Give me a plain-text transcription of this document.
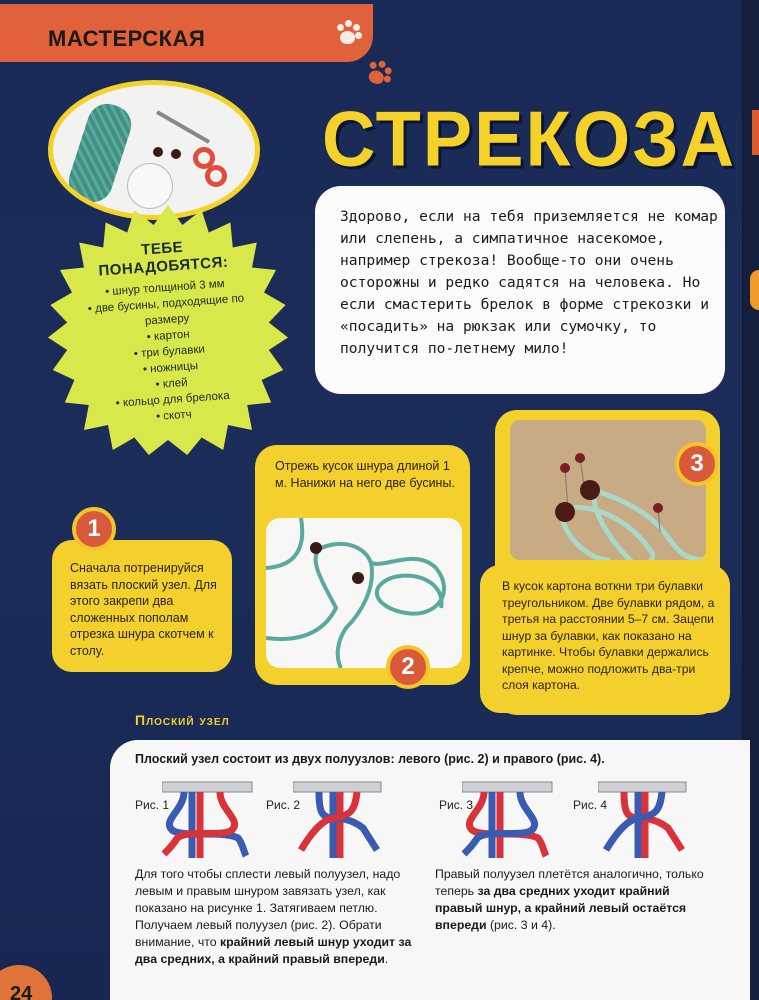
МАСТЕРСКАЯ
СТРЕКОЗА
ТЕБЕ
ПОНАДОБЯТСЯ:
• шнур толщиной 3 мм
• две бусины, подходящие по размеру
• картон
• три булавки
• ножницы
• клей
• кольцо для брелока
• скотч
Здорово, если на тебя приземляется не комар или слепень, а симпатичное насекомое, например стрекоза! Вообще-то они очень осторожны и редко садятся на человека. Но если смастерить брелок в форме стрекозки и «посадить» на рюкзак или сумочку, то получится по-летнему мило!
1
Сначала потренируйся вязать плоский узел. Для этого закрепи два сложенных пополам отрезка шнура скотчем к столу.
Отрежь кусок шнура длиной 1 м. Нанижи на него две бусины.
2
3
В кусок картона воткни три булавки треугольником. Две булавки рядом, а третья на расстоянии 5–7 см. Зацепи шнур за булавки, как показано на картинке. Чтобы булавки держались крепче, можно подложить два-три слоя картона.
Плоский узел
Плоский узел состоит из двух полуузлов: левого (рис. 2) и правого (рис. 4).
Рис. 1	Рис. 2	Рис. 3	Рис. 4
Для того чтобы сплести левый полуузел, надо левым и правым шнуром завязать узел, как показано на рисунке 1. Затягиваем петлю. Получаем левый полуузел (рис. 2). Обрати внимание, что крайний левый шнур уходит за два средних, а крайний правый впереди.
Правый полуузел плетётся аналогично, только теперь за два средних уходит крайний правый шнур, а крайний левый остаётся впереди (рис. 3 и 4).
24
